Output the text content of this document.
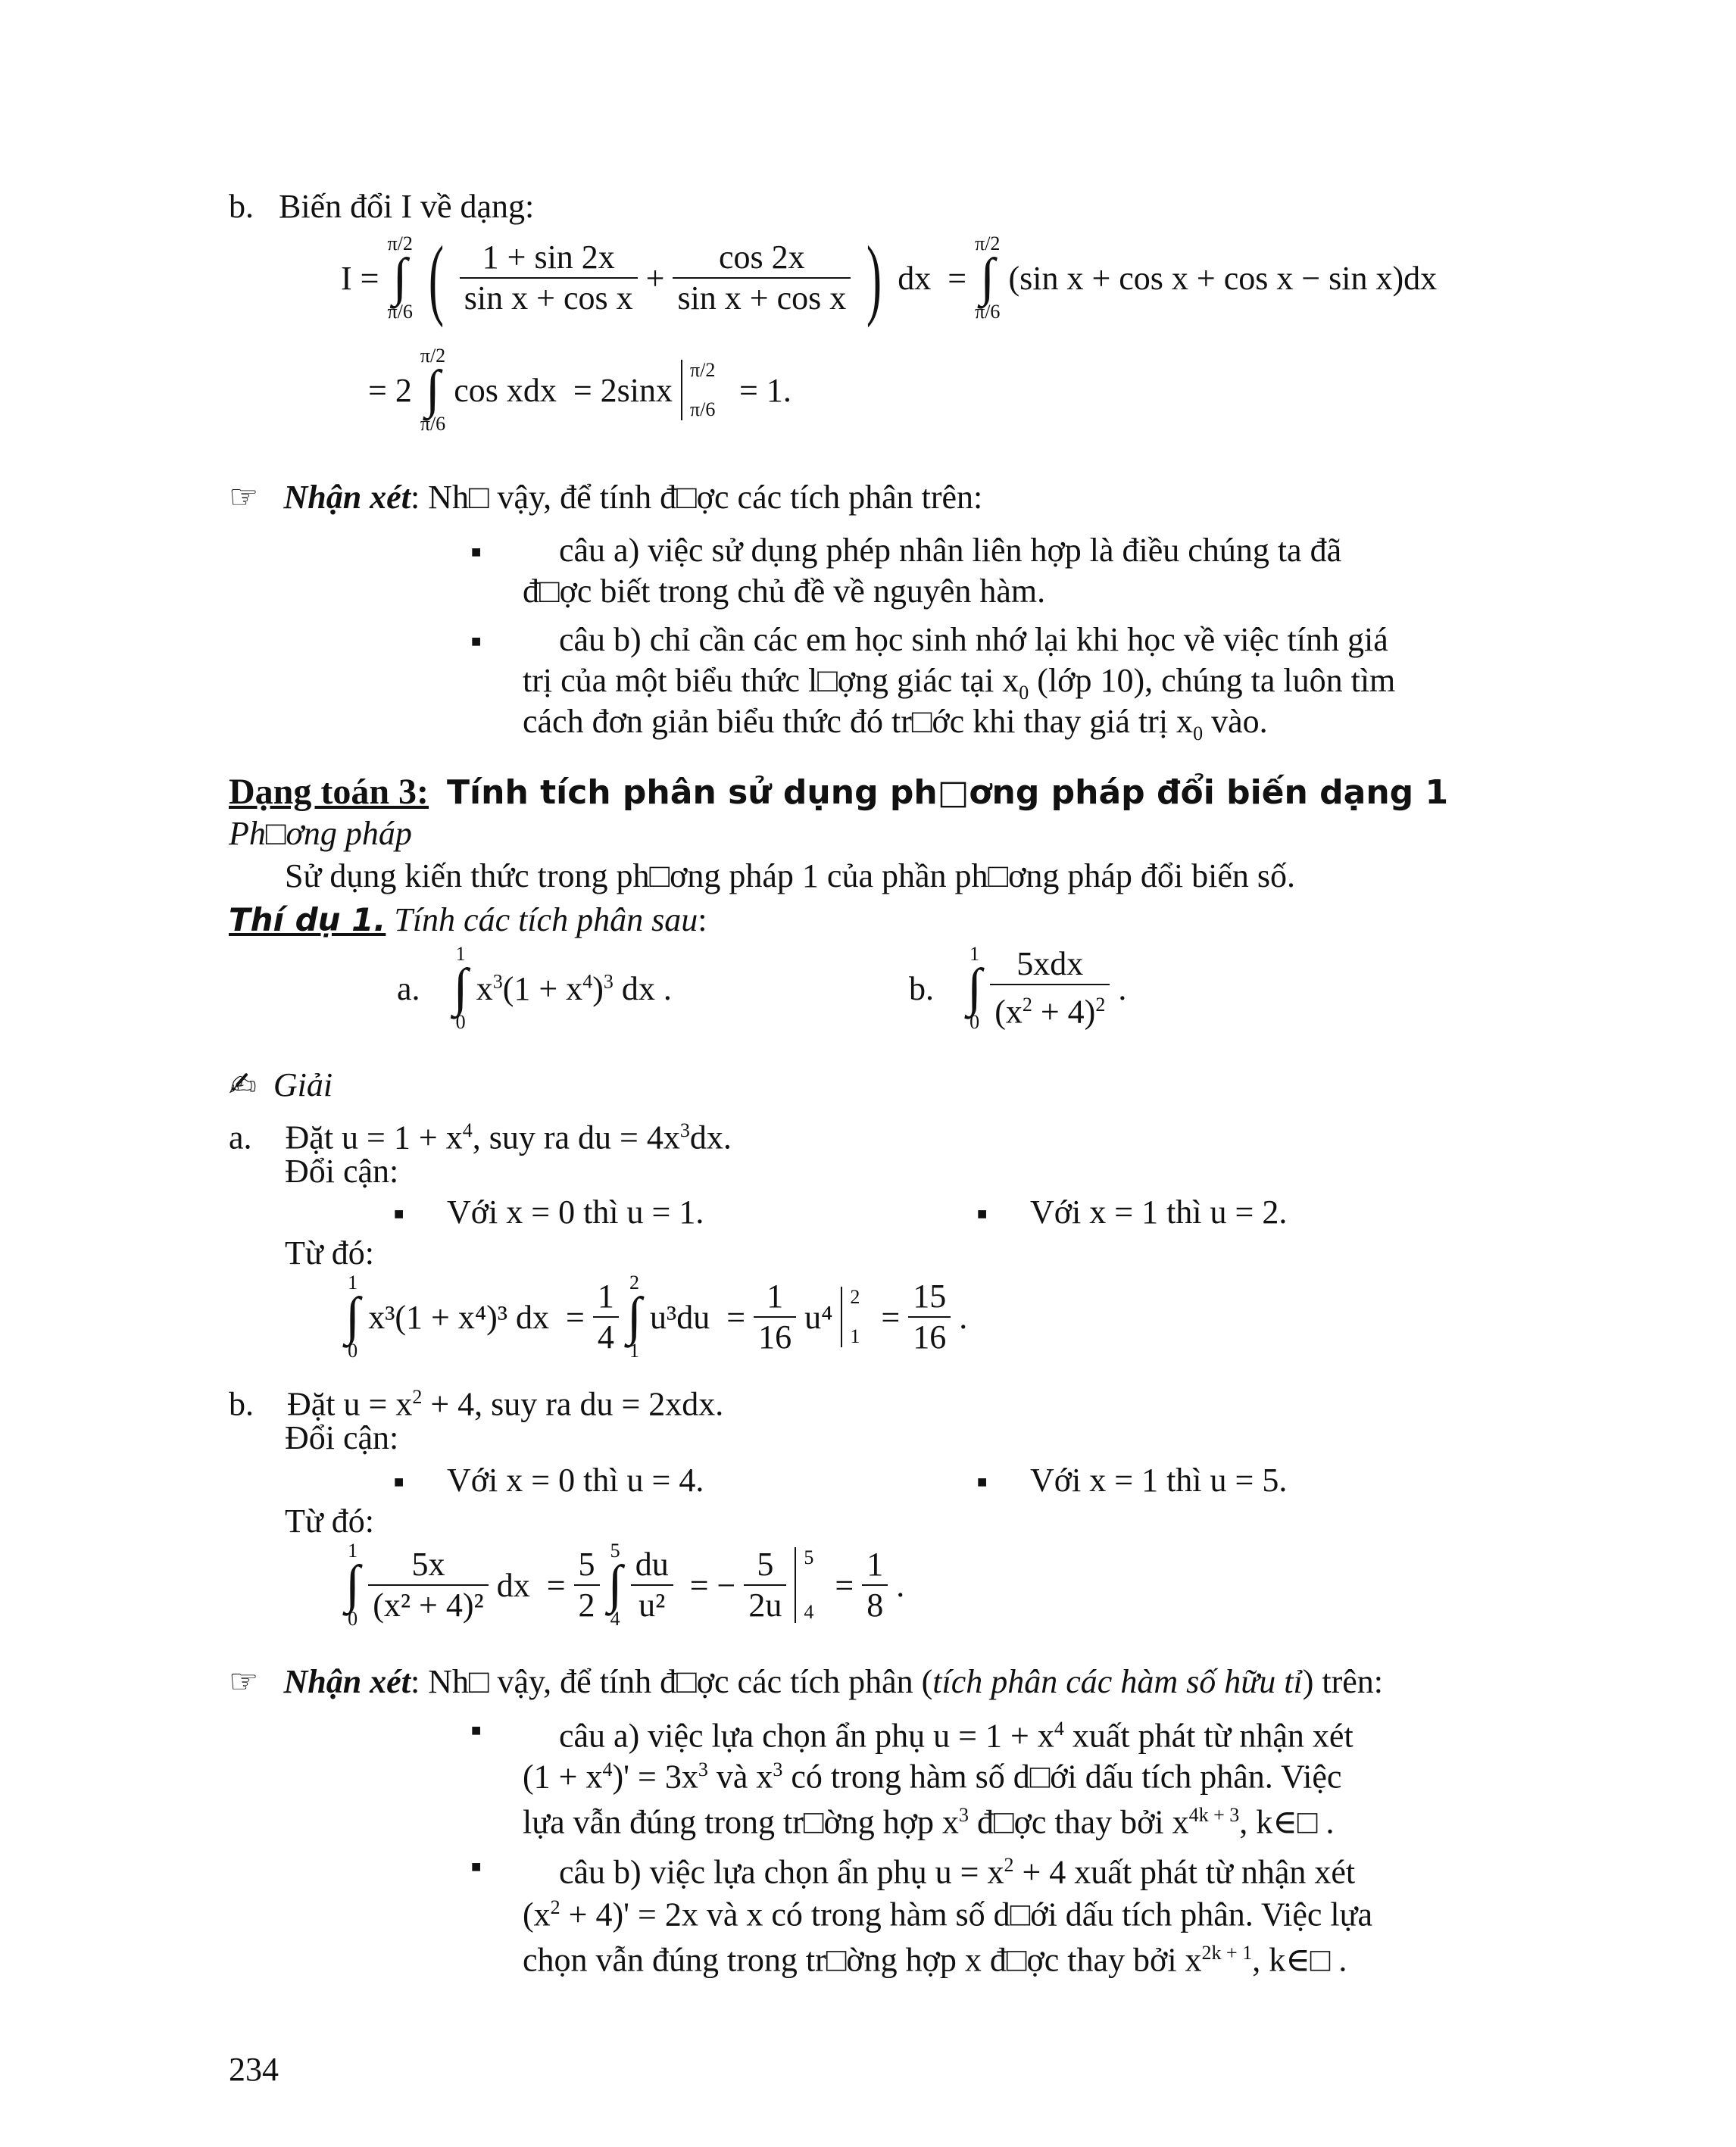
b. Biến đổi I về dạng:
I =
π/2
∫
π/6 ( $\frac{1 + \sin 2x}{\text{sin x + cos x}} + \frac{\cos 2x}{\text{sin x + cos x}}$ ) dx =
π/2
∫
π/6
(sin x + cos x + cos x − sin x)dx
= 2
π/2
∫
π/6
cos xdx = 2sinx
π/2
π/6
= 1.
☞ Nhận xét: Nh□ vậy, để tính đ□ợc các tích phân trên:
■ câu a) việc sử dụng phép nhân liên hợp là điều chúng ta đã
đ□ợc biết trong chủ đề về nguyên hàm.
■ câu b) chỉ cần các em học sinh nhớ lại khi học về việc tính giá
trị của một biểu thức l□ợng giác tại $x_0$ (lớp 10), chúng ta luôn tìm
cách đơn giản biểu thức đó tr□ớc khi thay giá trị $x_0$ vào.
Dạng toán 3: Tính tích phân sử dụng ph□ơng pháp đổi biến dạng 1
Ph□ơng pháp
Sử dụng kiến thức trong ph□ơng pháp 1 của phần ph□ơng pháp đổi biến số.
Thí dụ 1. Tính các tích phân sau:
a.
1
∫
0
$x^3(1 + x^4)^3$ dx .	b.
1
∫
0
$\frac{\text{5xdx}}{(x^2 + 4)^2}$ .
✍ Giải
a. Đặt $u = 1 + x^4$, suy ra du = $4x^3dx$.
Đổi cận:
■ Với x = 0 thì u = 1.	■ Với x = 1 thì u = 2.
Từ đó:
1
∫
0
x³(1 + x⁴)³ dx = $\frac{1}{4}$
2
∫
1
$u^3du = \frac{1}{16} u^4$
2
1
= $\frac{15}{16}$ .
b. Đặt $u = x^2 + 4$, suy ra du = 2xdx.
Đổi cận:
■ Với x = 0 thì u = 4.	■ Với x = 1 thì u = 5.
Từ đó:
1
∫
0
$\frac{5x}{\text{(x² + 4)²}}$ dx = $\frac{5}{2}$
5
∫
4
$\frac{du}{\text{u²}}$ = − $\frac{5}{2u}$
5
4
= $\frac{1}{8}$ .
☞ Nhận xét: Nh□ vậy, để tính đ□ợc các tích phân (tích phân các hàm số hữu tỉ) trên:
■ câu a) việc lựa chọn ẩn phụ $u = 1 + x^4$ xuất phát từ nhận xét
$(1 + x^4)' = 3x^3$ và $x^3$ có trong hàm số d□ới dấu tích phân. Việc
lựa vẫn đúng trong tr□ờng hợp $x^3$ đ□ợc thay bởi $x^{4k + 3}$, k∈□ .
■ câu b) việc lựa chọn ẩn phụ $u = x^2 + 4$ xuất phát từ nhận xét
$(x^2 + 4)' = 2x$ và x có trong hàm số d□ới dấu tích phân. Việc lựa
chọn vẫn đúng trong tr□ờng hợp x đ□ợc thay bởi $x^{2k + 1}$, k∈□ .
234
